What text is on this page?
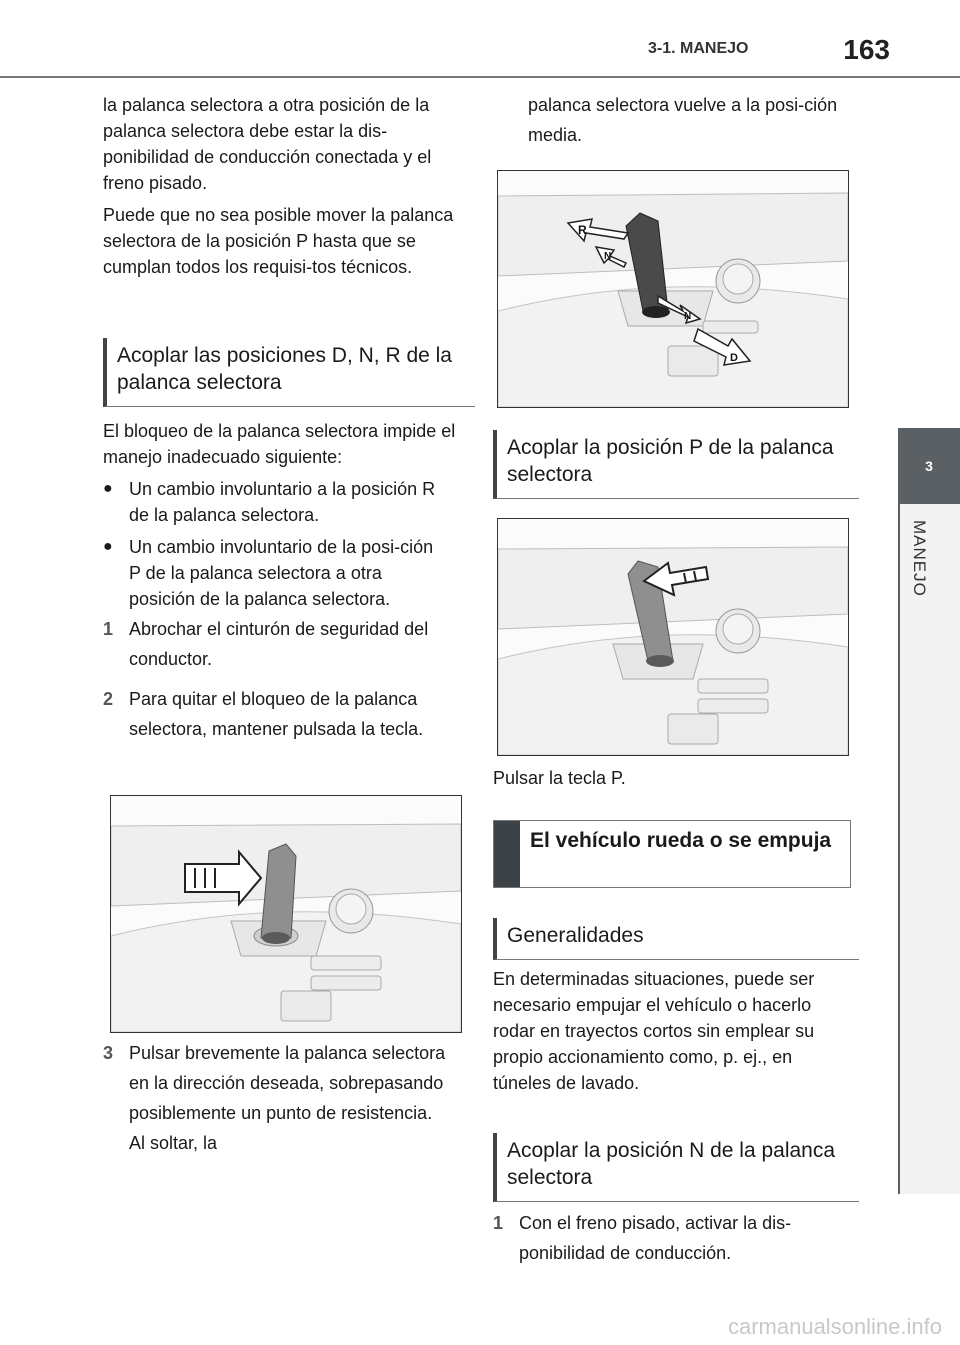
3-1. MANEJO	163
3
MANEJO
la palanca selectora a otra posición de la palanca selectora debe estar la dis-ponibilidad de conducción conectada y el freno pisado.
Puede que no sea posible mover la palanca selectora de la posición P hasta que se cumplan todos los requisi-tos técnicos.
Acoplar las posiciones D, N, R de la palanca selectora
El bloqueo de la palanca selectora impide el manejo inadecuado siguiente:
● Un cambio involuntario a la posición R de la palanca selectora.
● Un cambio involuntario de la posi-ción P de la palanca selectora a otra posición de la palanca selectora.
1 Abrochar el cinturón de seguridad del conductor.
2 Para quitar el bloqueo de la palanca selectora, mantener pulsada la tecla.
3 Pulsar brevemente la palanca selectora en la dirección deseada, sobrepasando posiblemente un punto de resistencia. Al soltar, la
palanca selectora vuelve a la posi-ción media.
R
N
N
D
Acoplar la posición P de la palanca selectora
Pulsar la tecla P.
El vehículo rueda o se empuja
Generalidades
En determinadas situaciones, puede ser necesario empujar el vehículo o hacerlo rodar en trayectos cortos sin emplear su propio accionamiento como, p. ej., en túneles de lavado.
Acoplar la posición N de la palanca selectora
1 Con el freno pisado, activar la dis-ponibilidad de conducción.
carmanualsonline.info
